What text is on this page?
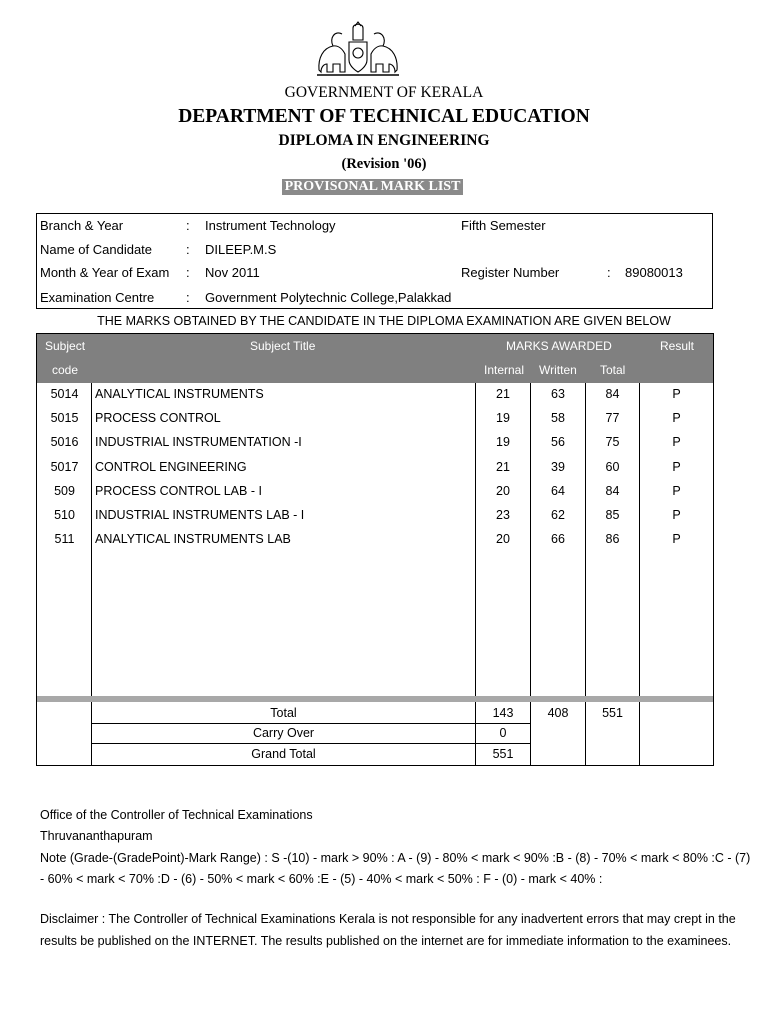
GOVERNMENT OF KERALA
DEPARTMENT OF TECHNICAL EDUCATION
DIPLOMA IN ENGINEERING
(Revision '06)
PROVISONAL MARK LIST
Branch & Year	: Instrument Technology	Fifth Semester
Name of Candidate	: DILEEP.M.S
Month & Year of Exam : Nov 2011	Register Number	: 89080013
Examination Centre : Government Polytechnic College,Palakkad
THE MARKS OBTAINED BY THE CANDIDATE IN THE DIPLOMA EXAMINATION ARE GIVEN BELOW
Subject
code
Subject Title	MARKS AWARDED	Result
Internal Written Total
5014	ANALYTICAL INSTRUMENTS	21	63	84	P
5015	PROCESS CONTROL	19	58	77	P
5016	INDUSTRIAL INSTRUMENTATION -I	19	56	75	P
5017	CONTROL ENGINEERING	21	39	60	P
509	PROCESS CONTROL LAB - I	20	64	84	P
510	INDUSTRIAL INSTRUMENTS LAB - I	23	62	85	P
511	ANALYTICAL INSTRUMENTS LAB	20	66	86	P
Total	143	408	551
Carry Over	0
Grand Total	551
Office of the Controller of Technical Examinations
Thruvananthapuram
Note (Grade-(GradePoint)-Mark Range) : S -(10) - mark > 90% : A - (9) - 80% < mark < 90% :B - (8) - 70% < mark < 80% :C - (7)
- 60% < mark < 70% :D - (6) - 50% < mark < 60% :E - (5) - 40% < mark < 50% : F - (0) - mark < 40% :
Disclaimer : The Controller of Technical Examinations Kerala is not responsible for any inadvertent errors that may crept in the
results be published on the INTERNET. The results published on the internet are for immediate information to the examinees.
